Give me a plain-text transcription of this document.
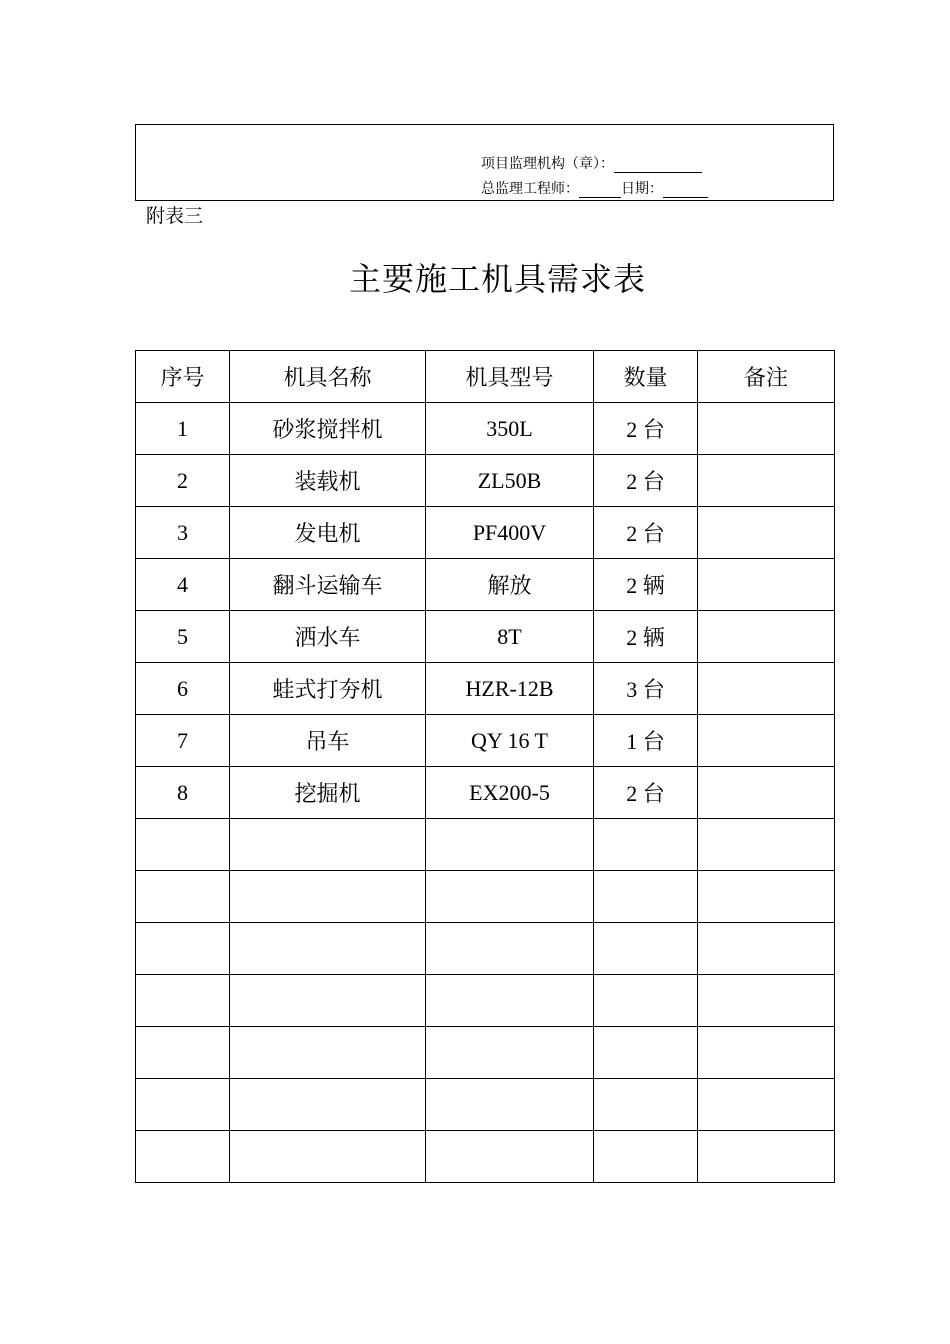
项目监理机构（章）：
总监理工程师：	日期：
附表三
主要施工机具需求表
序号	机具名称	机具型号	数量	备注
1	砂浆搅拌机	350L	2 台	
2	装载机	ZL50B	2 台	
3	发电机	PF400V	2 台	
4	翻斗运输车	解放	2 辆	
5	洒水车	8T	2 辆	
6	蛙式打夯机	HZR-12B	3 台	
7	吊车	QY 16 T	1 台	
8	挖掘机	EX200-5	2 台	
